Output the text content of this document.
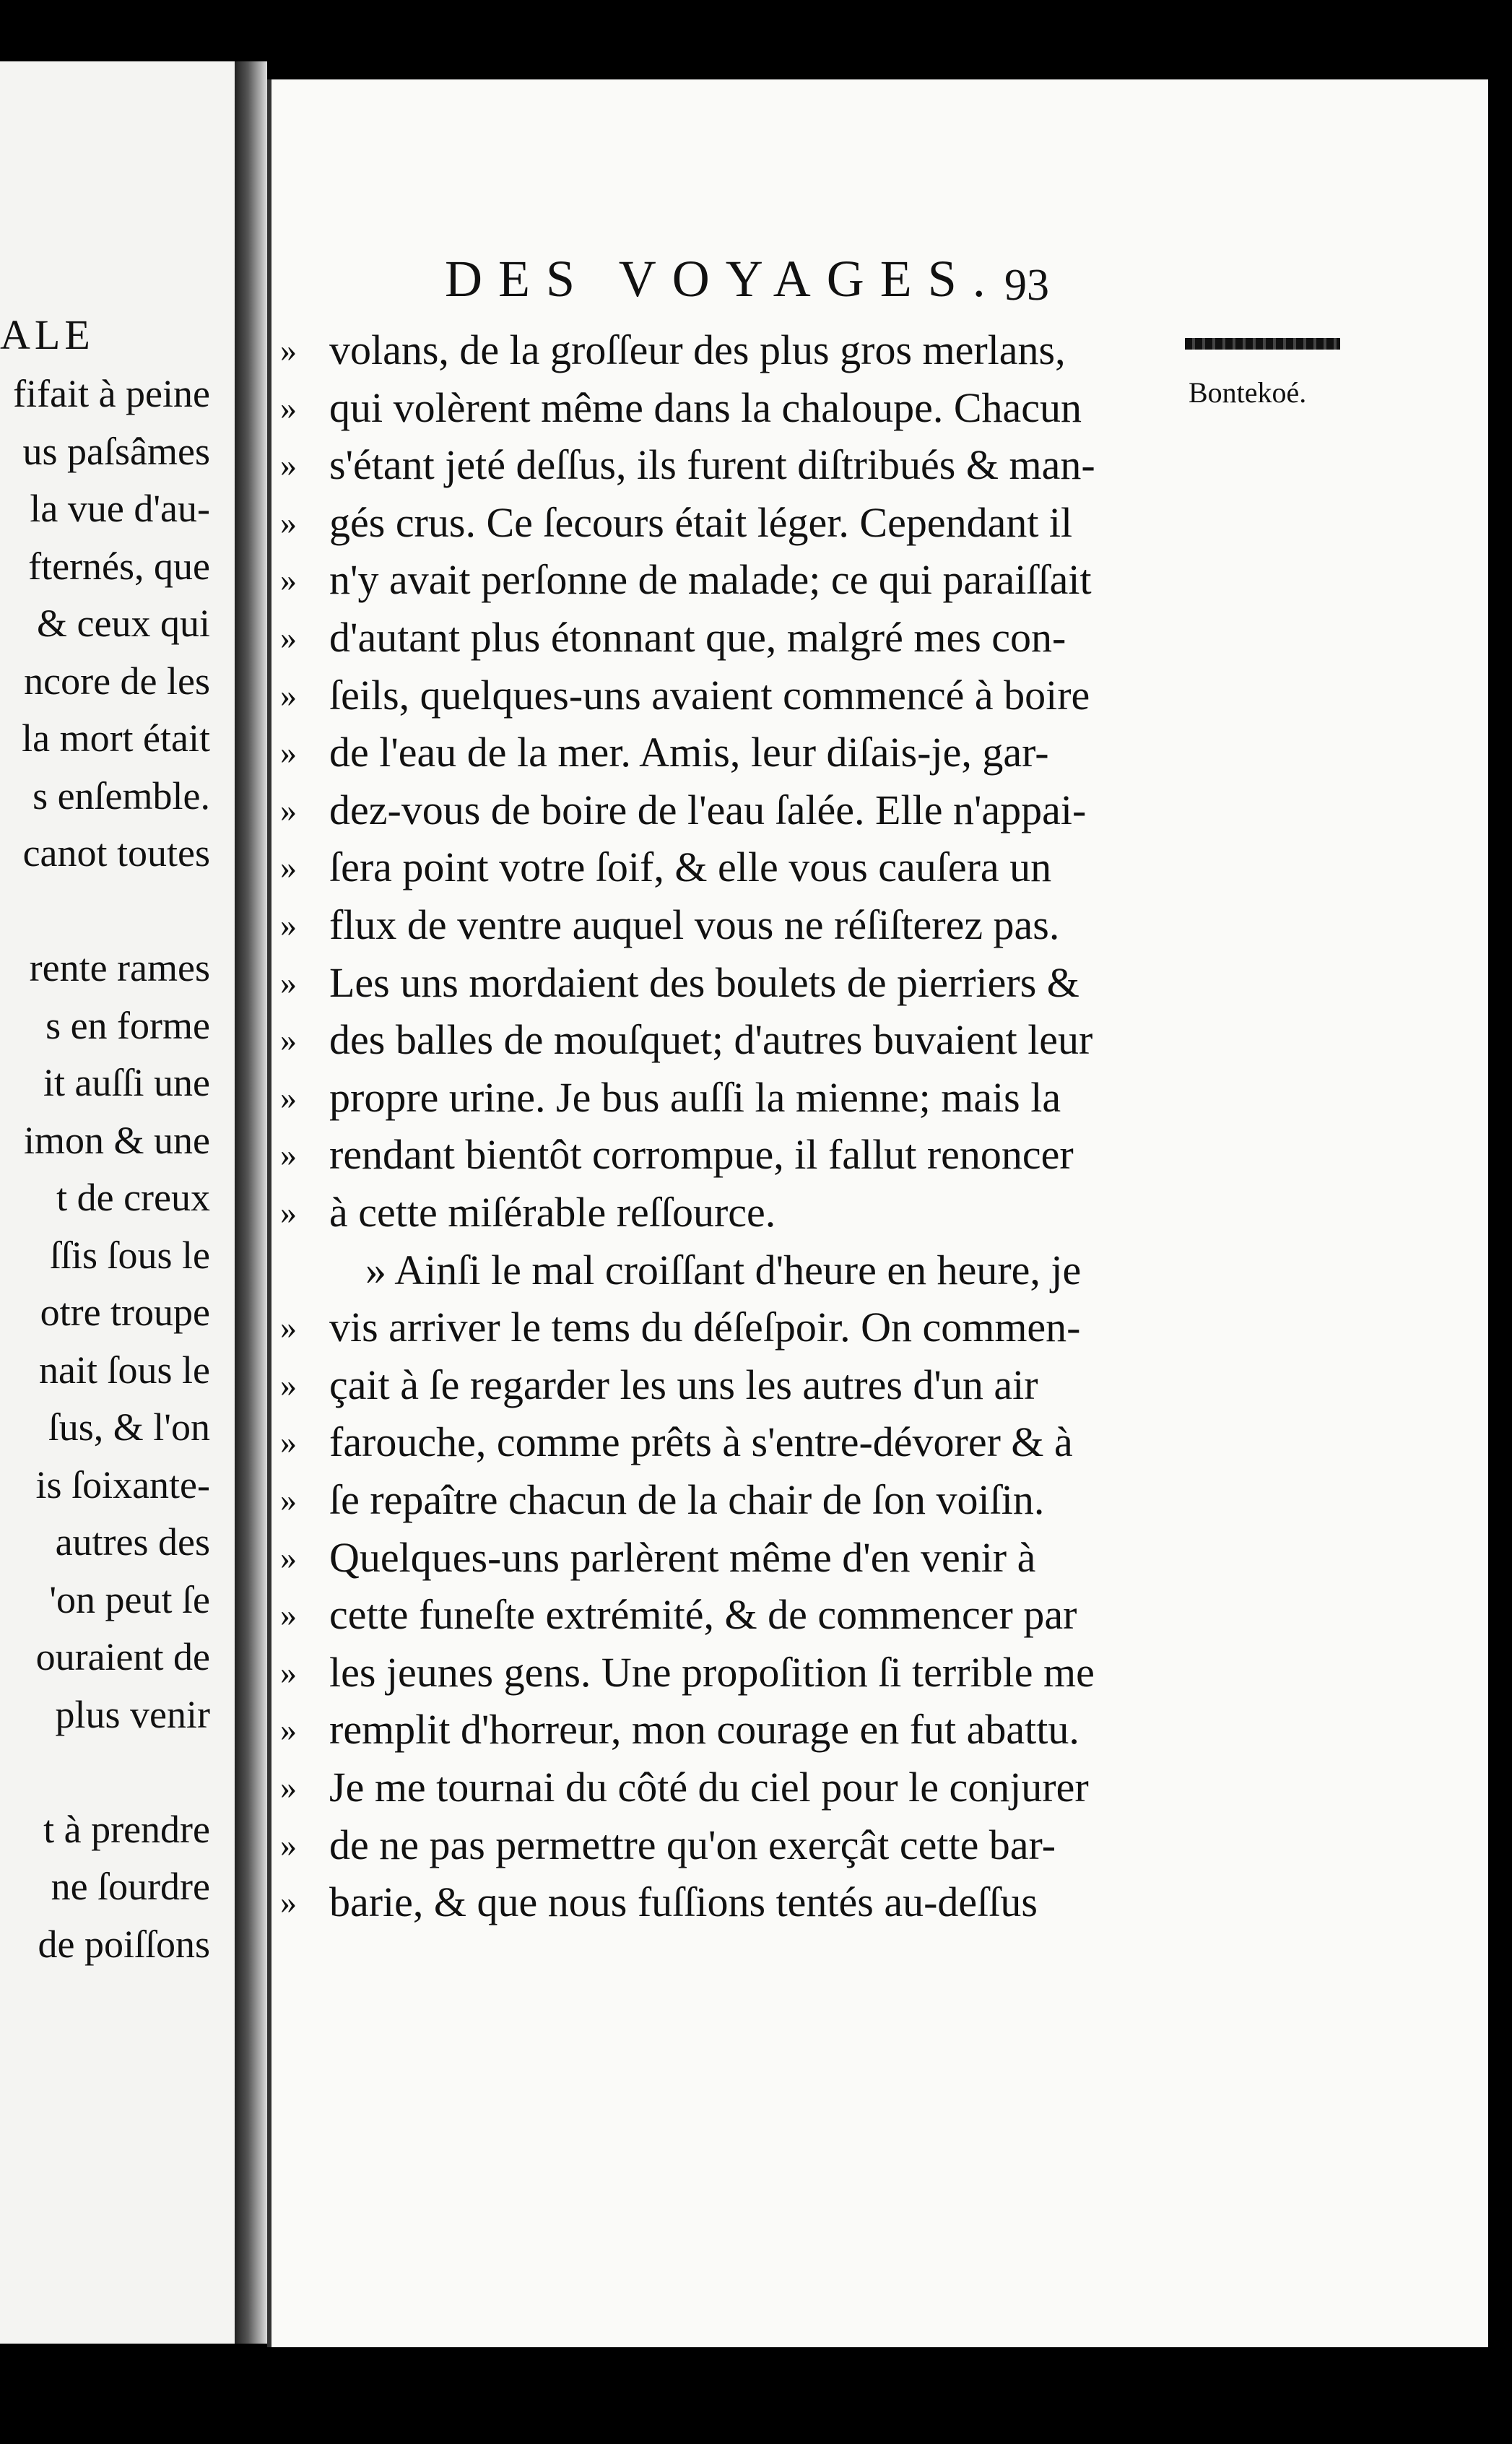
ALE
fifait à peine
us paſsâmes
la vue d'au-
fternés, que
& ceux qui
ncore de les
la mort était
s enſemble.
canot toutes
rente rames
s en forme
it auſſi une
imon & une
t de creux
ſſis ſous le
otre troupe
nait ſous le
ſus, & l'on
is ſoixante-
autres des
'on peut ſe
ouraient de
plus venir
t à prendre
ne ſourdre
de poiſſons
DES VOYAGES. 93
Bontekoé.
» volans, de la groſſeur des plus gros merlans,
» qui volèrent même dans la chaloupe. Chacun
» s'étant jeté deſſus, ils furent diſtribués & man-
» gés crus. Ce ſecours était léger. Cependant il
» n'y avait perſonne de malade; ce qui paraiſſait
» d'autant plus étonnant que, malgré mes con-
» ſeils, quelques-uns avaient commencé à boire
» de l'eau de la mer. Amis, leur diſais-je, gar-
» dez-vous de boire de l'eau ſalée. Elle n'appai-
» ſera point votre ſoif, & elle vous cauſera un
» flux de ventre auquel vous ne réſiſterez pas.
» Les uns mordaient des boulets de pierriers &
» des balles de mouſquet; d'autres buvaient leur
» propre urine. Je bus auſſi la mienne; mais la
» rendant bientôt corrompue, il fallut renoncer
» à cette miſérable reſſource.
» Ainſi le mal croiſſant d'heure en heure, je
» vis arriver le tems du déſeſpoir. On commen-
» çait à ſe regarder les uns les autres d'un air
» farouche, comme prêts à s'entre-dévorer & à
» ſe repaître chacun de la chair de ſon voiſin.
» Quelques-uns parlèrent même d'en venir à
» cette funeſte extrémité, & de commencer par
» les jeunes gens. Une propoſition ſi terrible me
» remplit d'horreur, mon courage en fut abattu.
» Je me tournai du côté du ciel pour le conjurer
» de ne pas permettre qu'on exerçât cette bar-
» barie, & que nous fuſſions tentés au-deſſus
